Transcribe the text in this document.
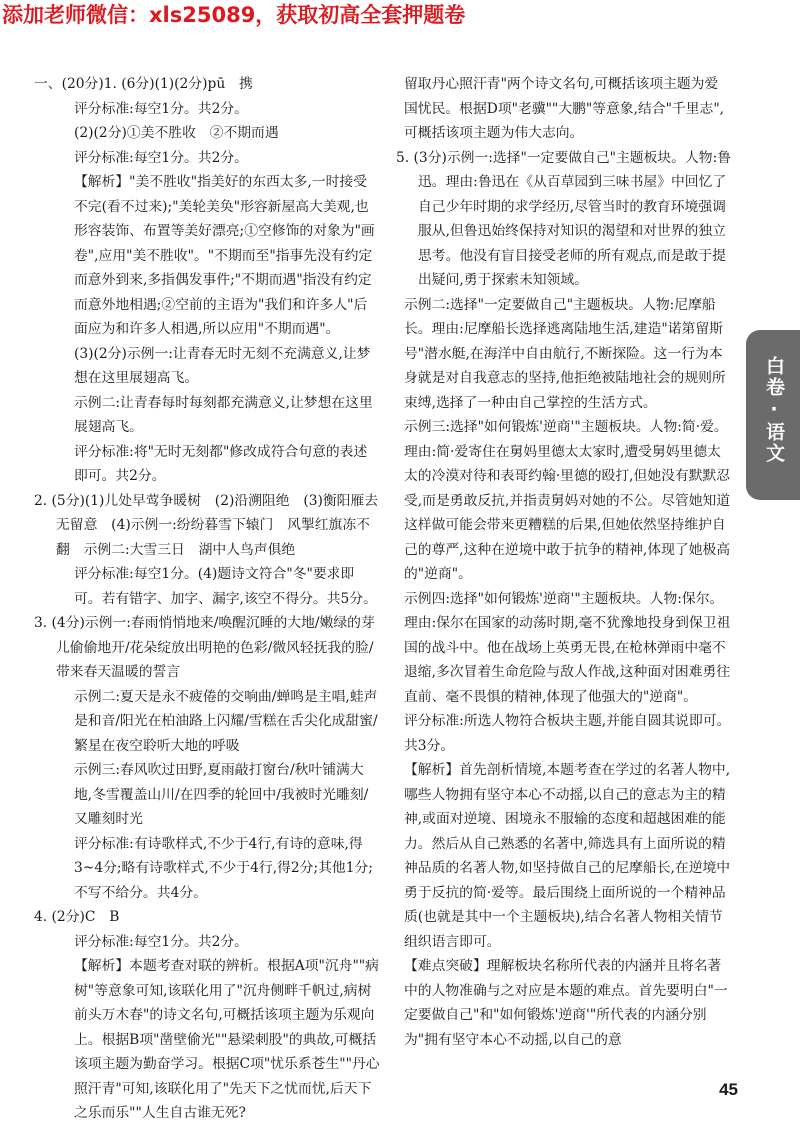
添加老师微信：xls25089，获取初高全套押题卷

一、(20分)1. (6分)(1)(2分)pū　携

评分标准:每空1分。共2分。

(2)(2分)①美不胜收　②不期而遇

评分标准:每空1分。共2分。

【解析】"美不胜收"指美好的东西太多,一时接受不完(看不过来);"美轮美奂"形容新屋高大美观,也形容装饰、布置等美好漂亮;①空修饰的对象为"画卷",应用"美不胜收"。"不期而至"指事先没有约定而意外到来,多指偶发事件;"不期而遇"指没有约定而意外地相遇;②空前的主语为"我们和许多人"后面应为和许多人相遇,所以应用"不期而遇"。

(3)(2分)示例一:让青春无时无刻不充满意义,让梦想在这里展翅高飞。

示例二:让青春每时每刻都充满意义,让梦想在这里展翅高飞。

评分标准:将"无时无刻都"修改成符合句意的表述即可。共2分。

2. (5分)(1)儿处早莺争暖树　(2)沿溯阻绝　(3)衡阳雁去无留意　(4)示例一:纷纷暮雪下辕门　风掣红旗冻不翻　示例二:大雪三日　湖中人鸟声俱绝

评分标准:每空1分。(4)题诗文符合"冬"要求即可。若有错字、加字、漏字,该空不得分。共5分。

3. (4分)示例一:春雨悄悄地来/唤醒沉睡的大地/嫩绿的芽儿偷偷地开/花朵绽放出明艳的色彩/微风轻抚我的脸/带来春天温暖的誓言

示例二:夏天是永不疲倦的交响曲/蝉鸣是主唱,蛙声是和音/阳光在柏油路上闪耀/雪糕在舌尖化成甜蜜/繁星在夜空聆听大地的呼吸

示例三:春风吹过田野,夏雨敲打窗台/秋叶铺满大地,冬雪覆盖山川/在四季的轮回中/我被时光雕刻/又雕刻时光

评分标准:有诗歌样式,不少于4行,有诗的意味,得3~4分;略有诗歌样式,不少于4行,得2分;其他1分;不写不给分。共4分。

4. (2分)C　B

评分标准:每空1分。共2分。

【解析】本题考查对联的辨析。根据A项"沉舟""病树"等意象可知,该联化用了"沉舟侧畔千帆过,病树前头万木春"的诗文名句,可概括该项主题为乐观向上。根据B项"凿壁偷光""悬梁刺股"的典故,可概括该项主题为勤奋学习。根据C项"忧乐系苍生""丹心照汗青"可知,该联化用了"先天下之忧而忧,后天下之乐而乐""人生自古谁无死?

留取丹心照汗青"两个诗文名句,可概括该项主题为爱国忧民。根据D项"老骥""大鹏"等意象,结合"千里志",可概括该项主题为伟大志向。

5. (3分)示例一:选择"一定要做自己"主题板块。人物:鲁迅。理由:鲁迅在《从百草园到三味书屋》中回忆了自己少年时期的求学经历,尽管当时的教育环境强调服从,但鲁迅始终保持对知识的渴望和对世界的独立思考。他没有盲目接受老师的所有观点,而是敢于提出疑问,勇于探索未知领域。

示例二:选择"一定要做自己"主题板块。人物:尼摩船长。理由:尼摩船长选择逃离陆地生活,建造"诺第留斯号"潜水艇,在海洋中自由航行,不断探险。这一行为本身就是对自我意志的坚持,他拒绝被陆地社会的规则所束缚,选择了一种由自己掌控的生活方式。

示例三:选择"如何锻炼'逆商'"主题板块。人物:简·爱。理由:简·爱寄住在舅妈里德太太家时,遭受舅妈里德太太的冷漠对待和表哥约翰·里德的殴打,但她没有默默忍受,而是勇敢反抗,并指责舅妈对她的不公。尽管她知道这样做可能会带来更糟糕的后果,但她依然坚持维护自己的尊严,这种在逆境中敢于抗争的精神,体现了她极高的"逆商"。

示例四:选择"如何锻炼'逆商'"主题板块。人物:保尔。理由:保尔在国家的动荡时期,毫不犹豫地投身到保卫祖国的战斗中。他在战场上英勇无畏,在枪林弹雨中毫不退缩,多次冒着生命危险与敌人作战,这种面对困难勇往直前、毫不畏惧的精神,体现了他强大的"逆商"。

评分标准:所选人物符合板块主题,并能自圆其说即可。共3分。

【解析】首先剖析情境,本题考查在学过的名著人物中,哪些人物拥有坚守本心不动摇,以自己的意志为主的精神,或面对逆境、困境永不服输的态度和超越困难的能力。然后从自己熟悉的名著中,筛选具有上面所说的精神品质的名著人物,如坚持做自己的尼摩船长,在逆境中勇于反抗的简·爱等。最后围绕上面所说的一个精神品质(也就是其中一个主题板块),结合名著人物相关情节组织语言即可。

【难点突破】理解板块名称所代表的内涵并且将名著中的人物准确与之对应是本题的难点。首先要明白"一定要做自己"和"如何锻炼'逆商'"所代表的内涵分别为"拥有坚守本心不动摇,以自己的意

白卷·语文
45
